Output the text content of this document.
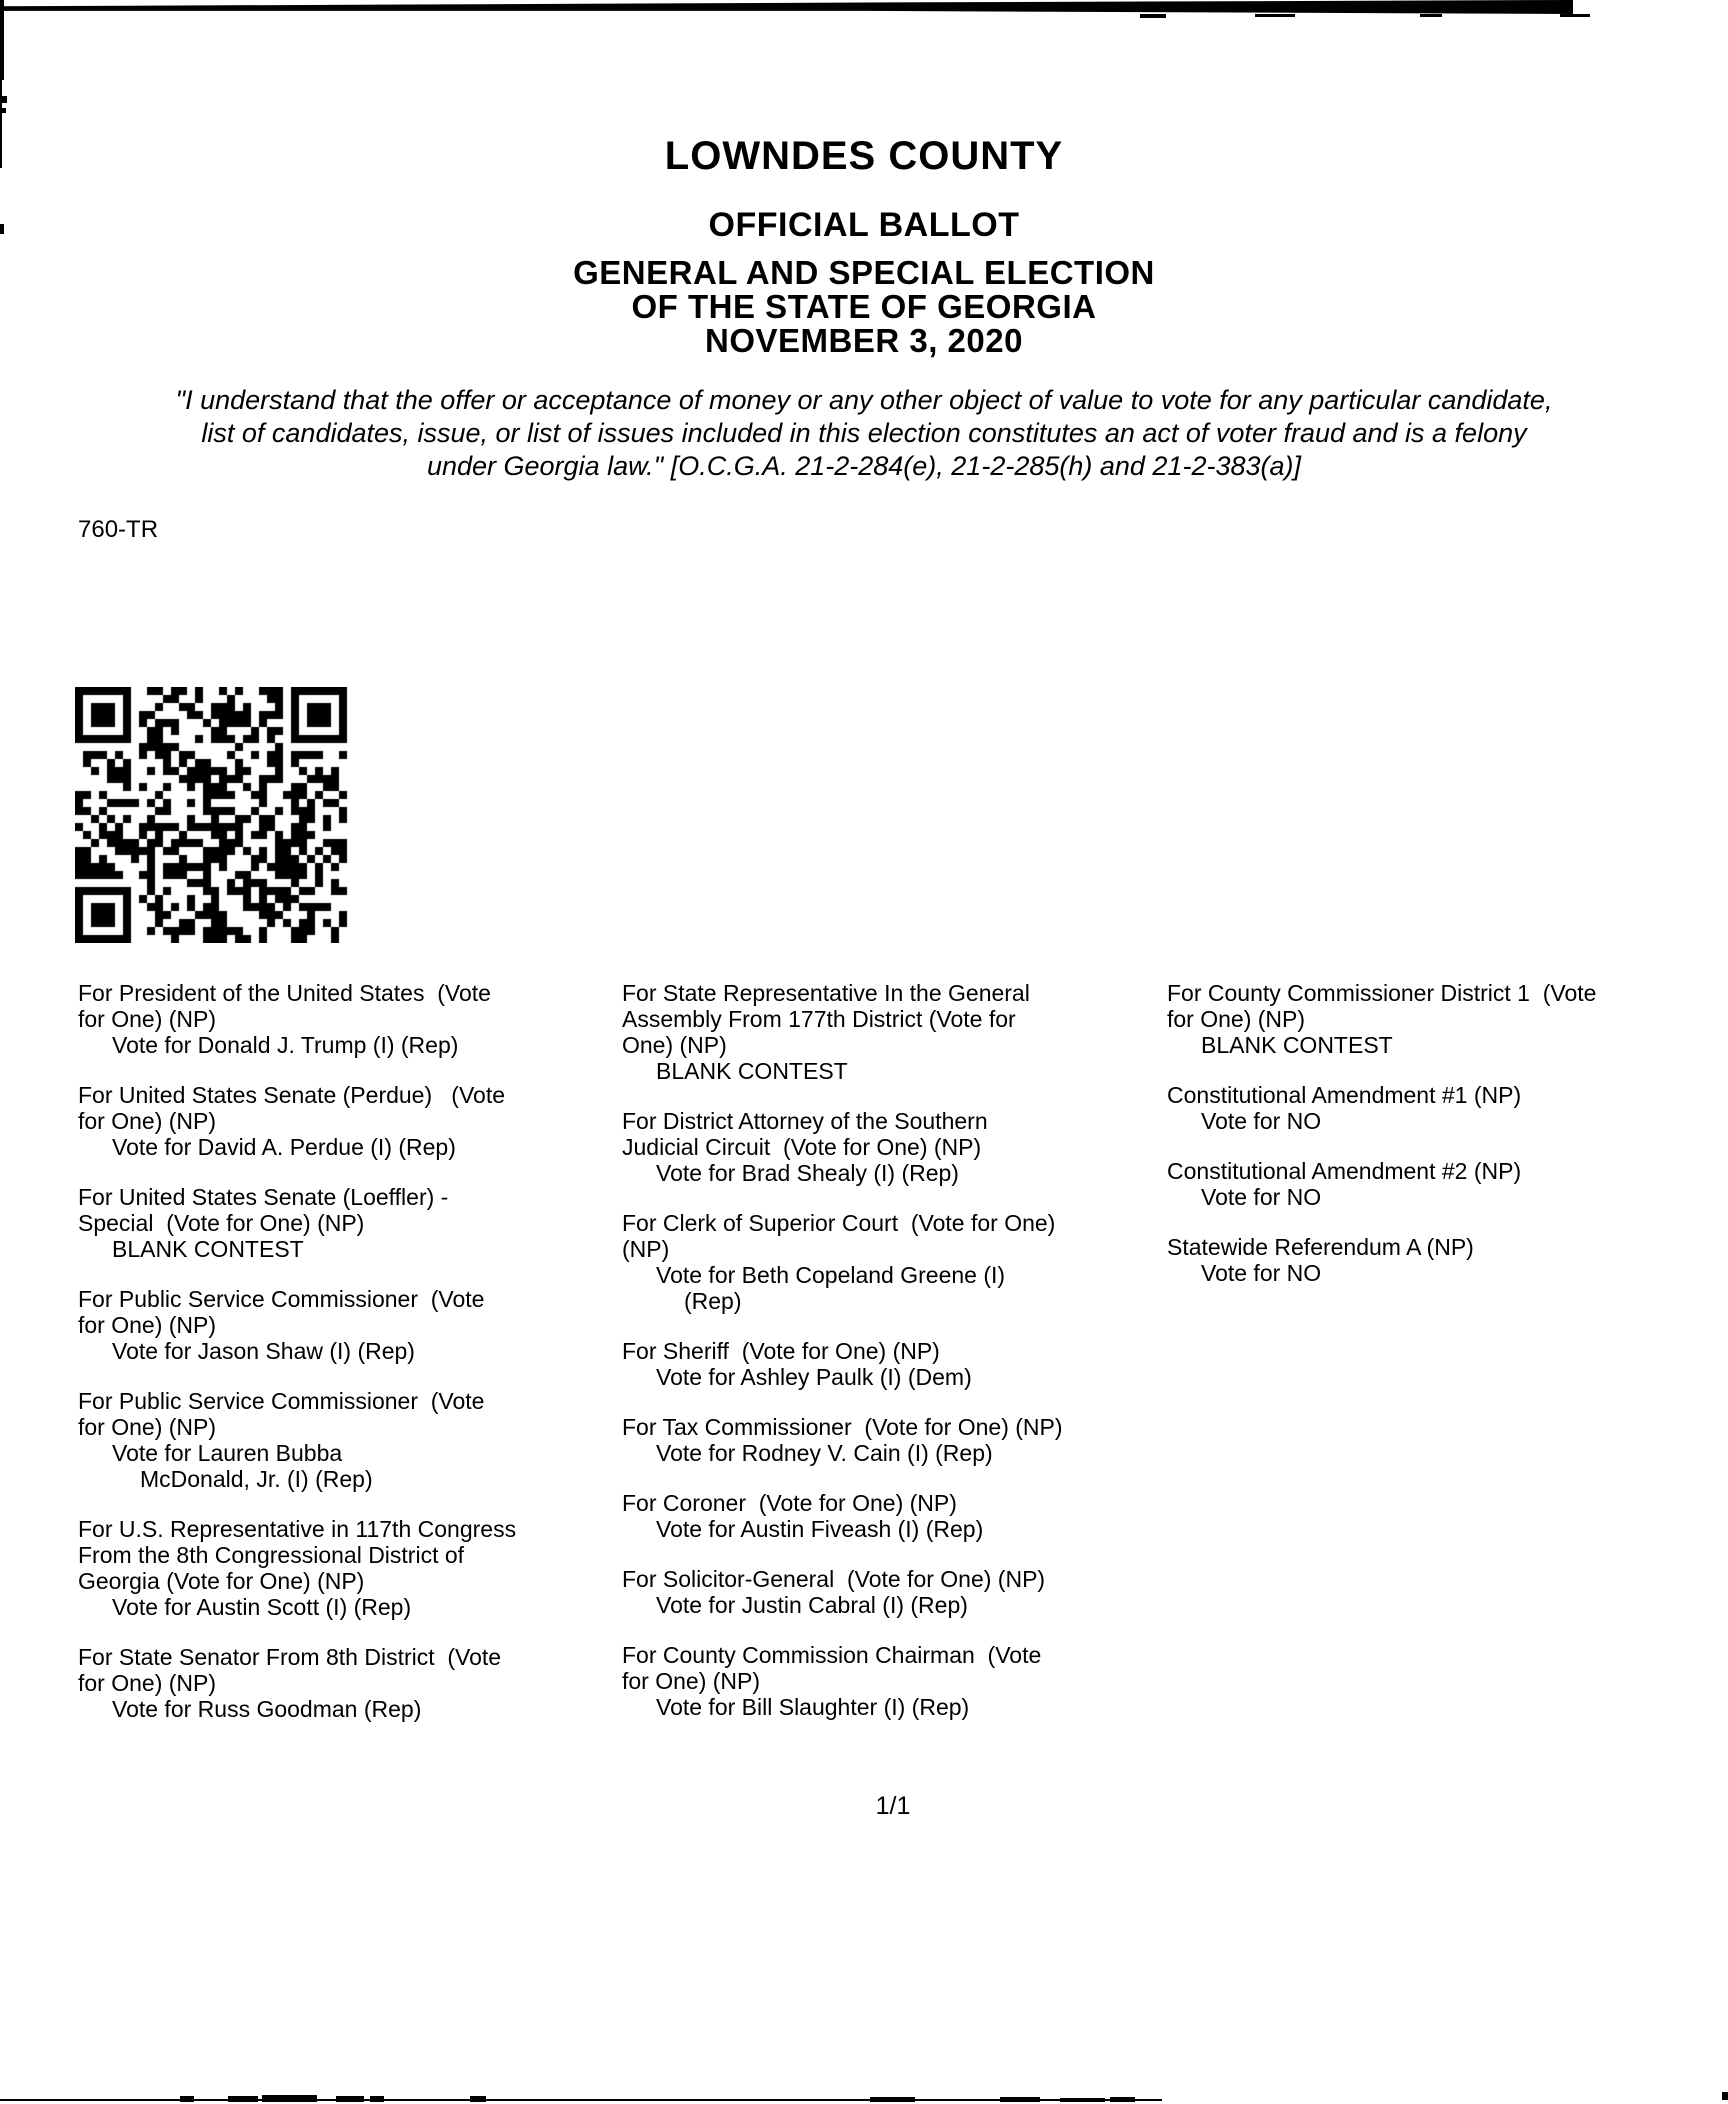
LOWNDES COUNTY
OFFICIAL BALLOT
GENERAL AND SPECIAL ELECTION
OF THE STATE OF GEORGIA
NOVEMBER 3, 2020
"I understand that the offer or acceptance of money or any other object of value to vote for any particular candidate,
list of candidates, issue, or list of issues included in this election constitutes an act of voter fraud and is a felony
under Georgia law." [O.C.G.A. 21-2-284(e), 21-2-285(h) and 21-2-383(a)]
760-TR
For President of the United States  (Vote
for One) (NP)
Vote for Donald J. Trump (I) (Rep)
For United States Senate (Perdue)   (Vote
for One) (NP)
Vote for David A. Perdue (I) (Rep)
For United States Senate (Loeffler) -
Special  (Vote for One) (NP)
BLANK CONTEST
For Public Service Commissioner  (Vote
for One) (NP)
Vote for Jason Shaw (I) (Rep)
For Public Service Commissioner  (Vote
for One) (NP)
Vote for Lauren Bubba
McDonald, Jr. (I) (Rep)
For U.S. Representative in 117th Congress
From the 8th Congressional District of
Georgia (Vote for One) (NP)
Vote for Austin Scott (I) (Rep)
For State Senator From 8th District  (Vote
for One) (NP)
Vote for Russ Goodman (Rep)
For State Representative In the General
Assembly From 177th District (Vote for
One) (NP)
BLANK CONTEST
For District Attorney of the Southern
Judicial Circuit  (Vote for One) (NP)
Vote for Brad Shealy (I) (Rep)
For Clerk of Superior Court  (Vote for One)
(NP)
Vote for Beth Copeland Greene (I)
(Rep)
For Sheriff  (Vote for One) (NP)
Vote for Ashley Paulk (I) (Dem)
For Tax Commissioner  (Vote for One) (NP)
Vote for Rodney V. Cain (I) (Rep)
For Coroner  (Vote for One) (NP)
Vote for Austin Fiveash (I) (Rep)
For Solicitor-General  (Vote for One) (NP)
Vote for Justin Cabral (I) (Rep)
For County Commission Chairman  (Vote
for One) (NP)
Vote for Bill Slaughter (I) (Rep)
For County Commissioner District 1  (Vote
for One) (NP)
BLANK CONTEST
Constitutional Amendment #1 (NP)
Vote for NO
Constitutional Amendment #2 (NP)
Vote for NO
Statewide Referendum A (NP)
Vote for NO
1/1
